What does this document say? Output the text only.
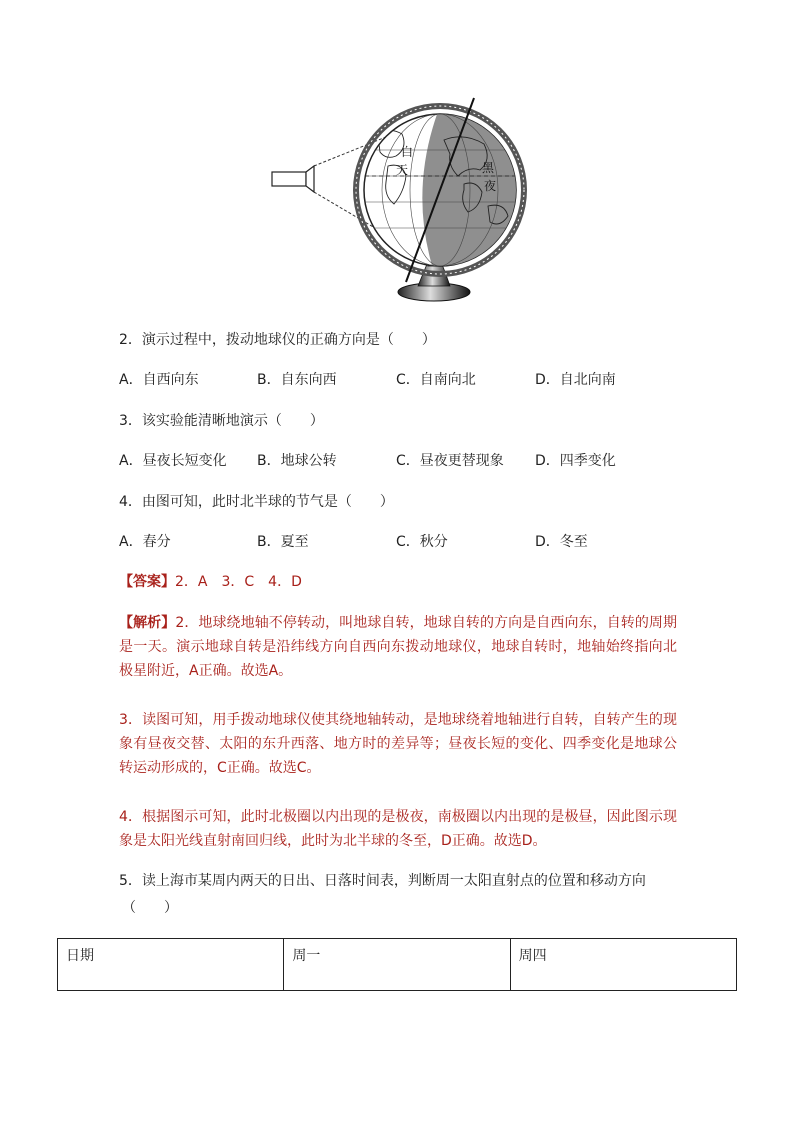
白
天	黑
夜
2．演示过程中，拨动地球仪的正确方向是（　　）
A．自西向东	B．自东向西	C．自南向北	D．自北向南
3．该实验能清晰地演示（　　）
A．昼夜长短变化 B．地球公转	C．昼夜更替现象 D．四季变化
4．由图可知，此时北半球的节气是（　　）
A．春分	B．夏至	C．秋分	D．冬至
【答案】2．A　3．C　4．D
【解析】2．地球绕地轴不停转动，叫地球自转，地球自转的方向是自西向东，自转的周期是一天。演示地球自转是沿纬线方向自西向东拨动地球仪，地球自转时，地轴始终指向北极星附近，A正确。故选A。
3．读图可知，用手拨动地球仪使其绕地轴转动，是地球绕着地轴进行自转，自转产生的现象有昼夜交替、太阳的东升西落、地方时的差异等；昼夜长短的变化、四季变化是地球公转运动形成的，C正确。故选C。
4．根据图示可知，此时北极圈以内出现的是极夜，南极圈以内出现的是极昼，因此图示现象是太阳光线直射南回归线，此时为北半球的冬至，D正确。故选D。
5．读上海市某周内两天的日出、日落时间表，判断周一太阳直射点的位置和移动方向
（　　）
日期	周一	周四
